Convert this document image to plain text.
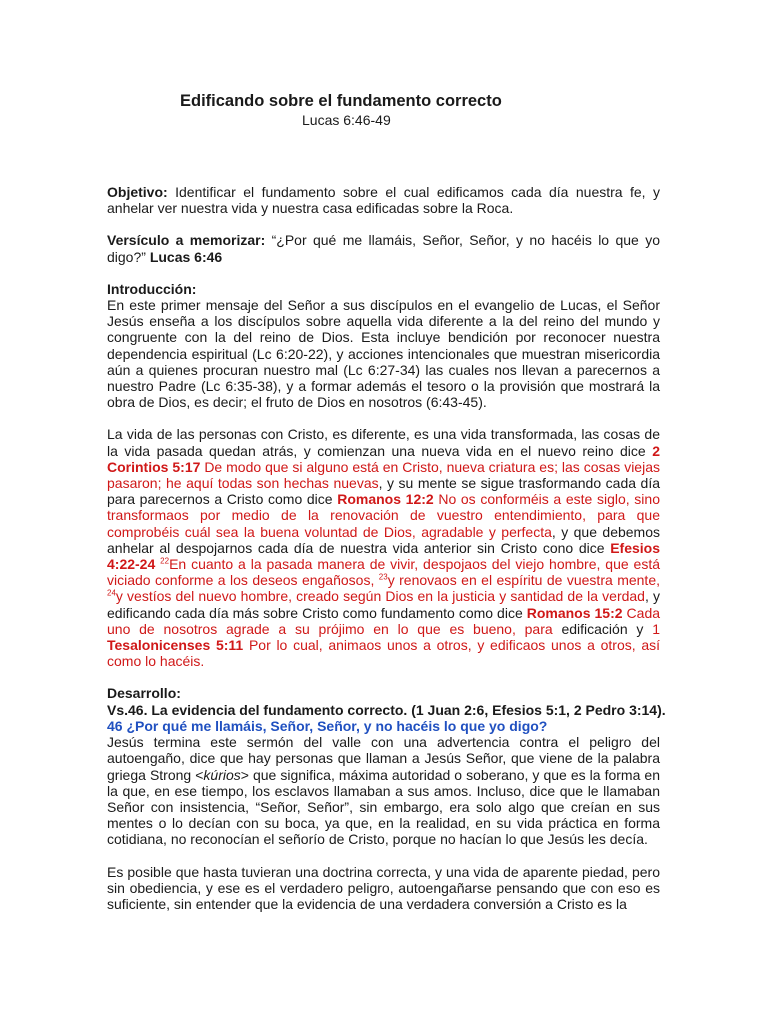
Edificando sobre el fundamento correcto
Lucas 6:46-49

Objetivo: Identificar el fundamento sobre el cual edificamos cada día nuestra fe, y anhelar ver nuestra vida y nuestra casa edificadas sobre la Roca.

Versículo a memorizar: “¿Por qué me llamáis, Señor, Señor, y no hacéis lo que yo digo?” Lucas 6:46

Introducción:
En este primer mensaje del Señor a sus discípulos en el evangelio de Lucas, el Señor Jesús enseña a los discípulos sobre aquella vida diferente a la del reino del mundo y congruente con la del reino de Dios. Esta incluye bendición por reconocer nuestra dependencia espiritual (Lc 6:20-22), y acciones intencionales que muestran misericordia aún a quienes procuran nuestro mal (Lc 6:27-34) las cuales nos llevan a parecernos a nuestro Padre (Lc 6:35-38), y a formar además el tesoro o la provisión que mostrará la obra de Dios, es decir; el fruto de Dios en nosotros (6:43-45).

La vida de las personas con Cristo, es diferente, es una vida transformada, las cosas de la vida pasada quedan atrás, y comienzan una nueva vida en el nuevo reino dice 2 Corintios 5:17 De modo que si alguno está en Cristo, nueva criatura es; las cosas viejas pasaron; he aquí todas son hechas nuevas, y su mente se sigue trasformando cada día para parecernos a Cristo como dice Romanos 12:2 No os conforméis a este siglo, sino transformaos por medio de la renovación de vuestro entendimiento, para que comprobéis cuál sea la buena voluntad de Dios, agradable y perfecta, y que debemos anhelar al despojarnos cada día de nuestra vida anterior sin Cristo cono dice Efesios 4:22-24 $^{22}$En cuanto a la pasada manera de vivir, despojaos del viejo hombre, que está viciado conforme a los deseos engañosos, $^{23}$y renovaos en el espíritu de vuestra mente, $^{24}$y vestíos del nuevo hombre, creado según Dios en la justicia y santidad de la verdad, y edificando cada día más sobre Cristo como fundamento como dice Romanos 15:2 Cada uno de nosotros agrade a su prójimo en lo que es bueno, para edificación y 1 Tesalonicenses 5:11 Por lo cual, animaos unos a otros, y edificaos unos a otros, así como lo hacéis.

Desarrollo:
Vs.46. La evidencia del fundamento correcto. (1 Juan 2:6, Efesios 5:1, 2 Pedro 3:14).
46 ¿Por qué me llamáis, Señor, Señor, y no hacéis lo que yo digo?

Jesús termina este sermón del valle con una advertencia contra el peligro del autoengaño, dice que hay personas que llaman a Jesús Señor, que viene de la palabra griega Strong <kúrios> que significa, máxima autoridad o soberano, y que es la forma en la que, en ese tiempo, los esclavos llamaban a sus amos. Incluso, dice que le llamaban Señor con insistencia, “Señor, Señor”, sin embargo, era solo algo que creían en sus mentes o lo decían con su boca, ya que, en la realidad, en su vida práctica en forma cotidiana, no reconocían el señorío de Cristo, porque no hacían lo que Jesús les decía.

Es posible que hasta tuvieran una doctrina correcta, y una vida de aparente piedad, pero sin obediencia, y ese es el verdadero peligro, autoengañarse pensando que con eso es suficiente, sin entender que la evidencia de una verdadera conversión a Cristo es la
